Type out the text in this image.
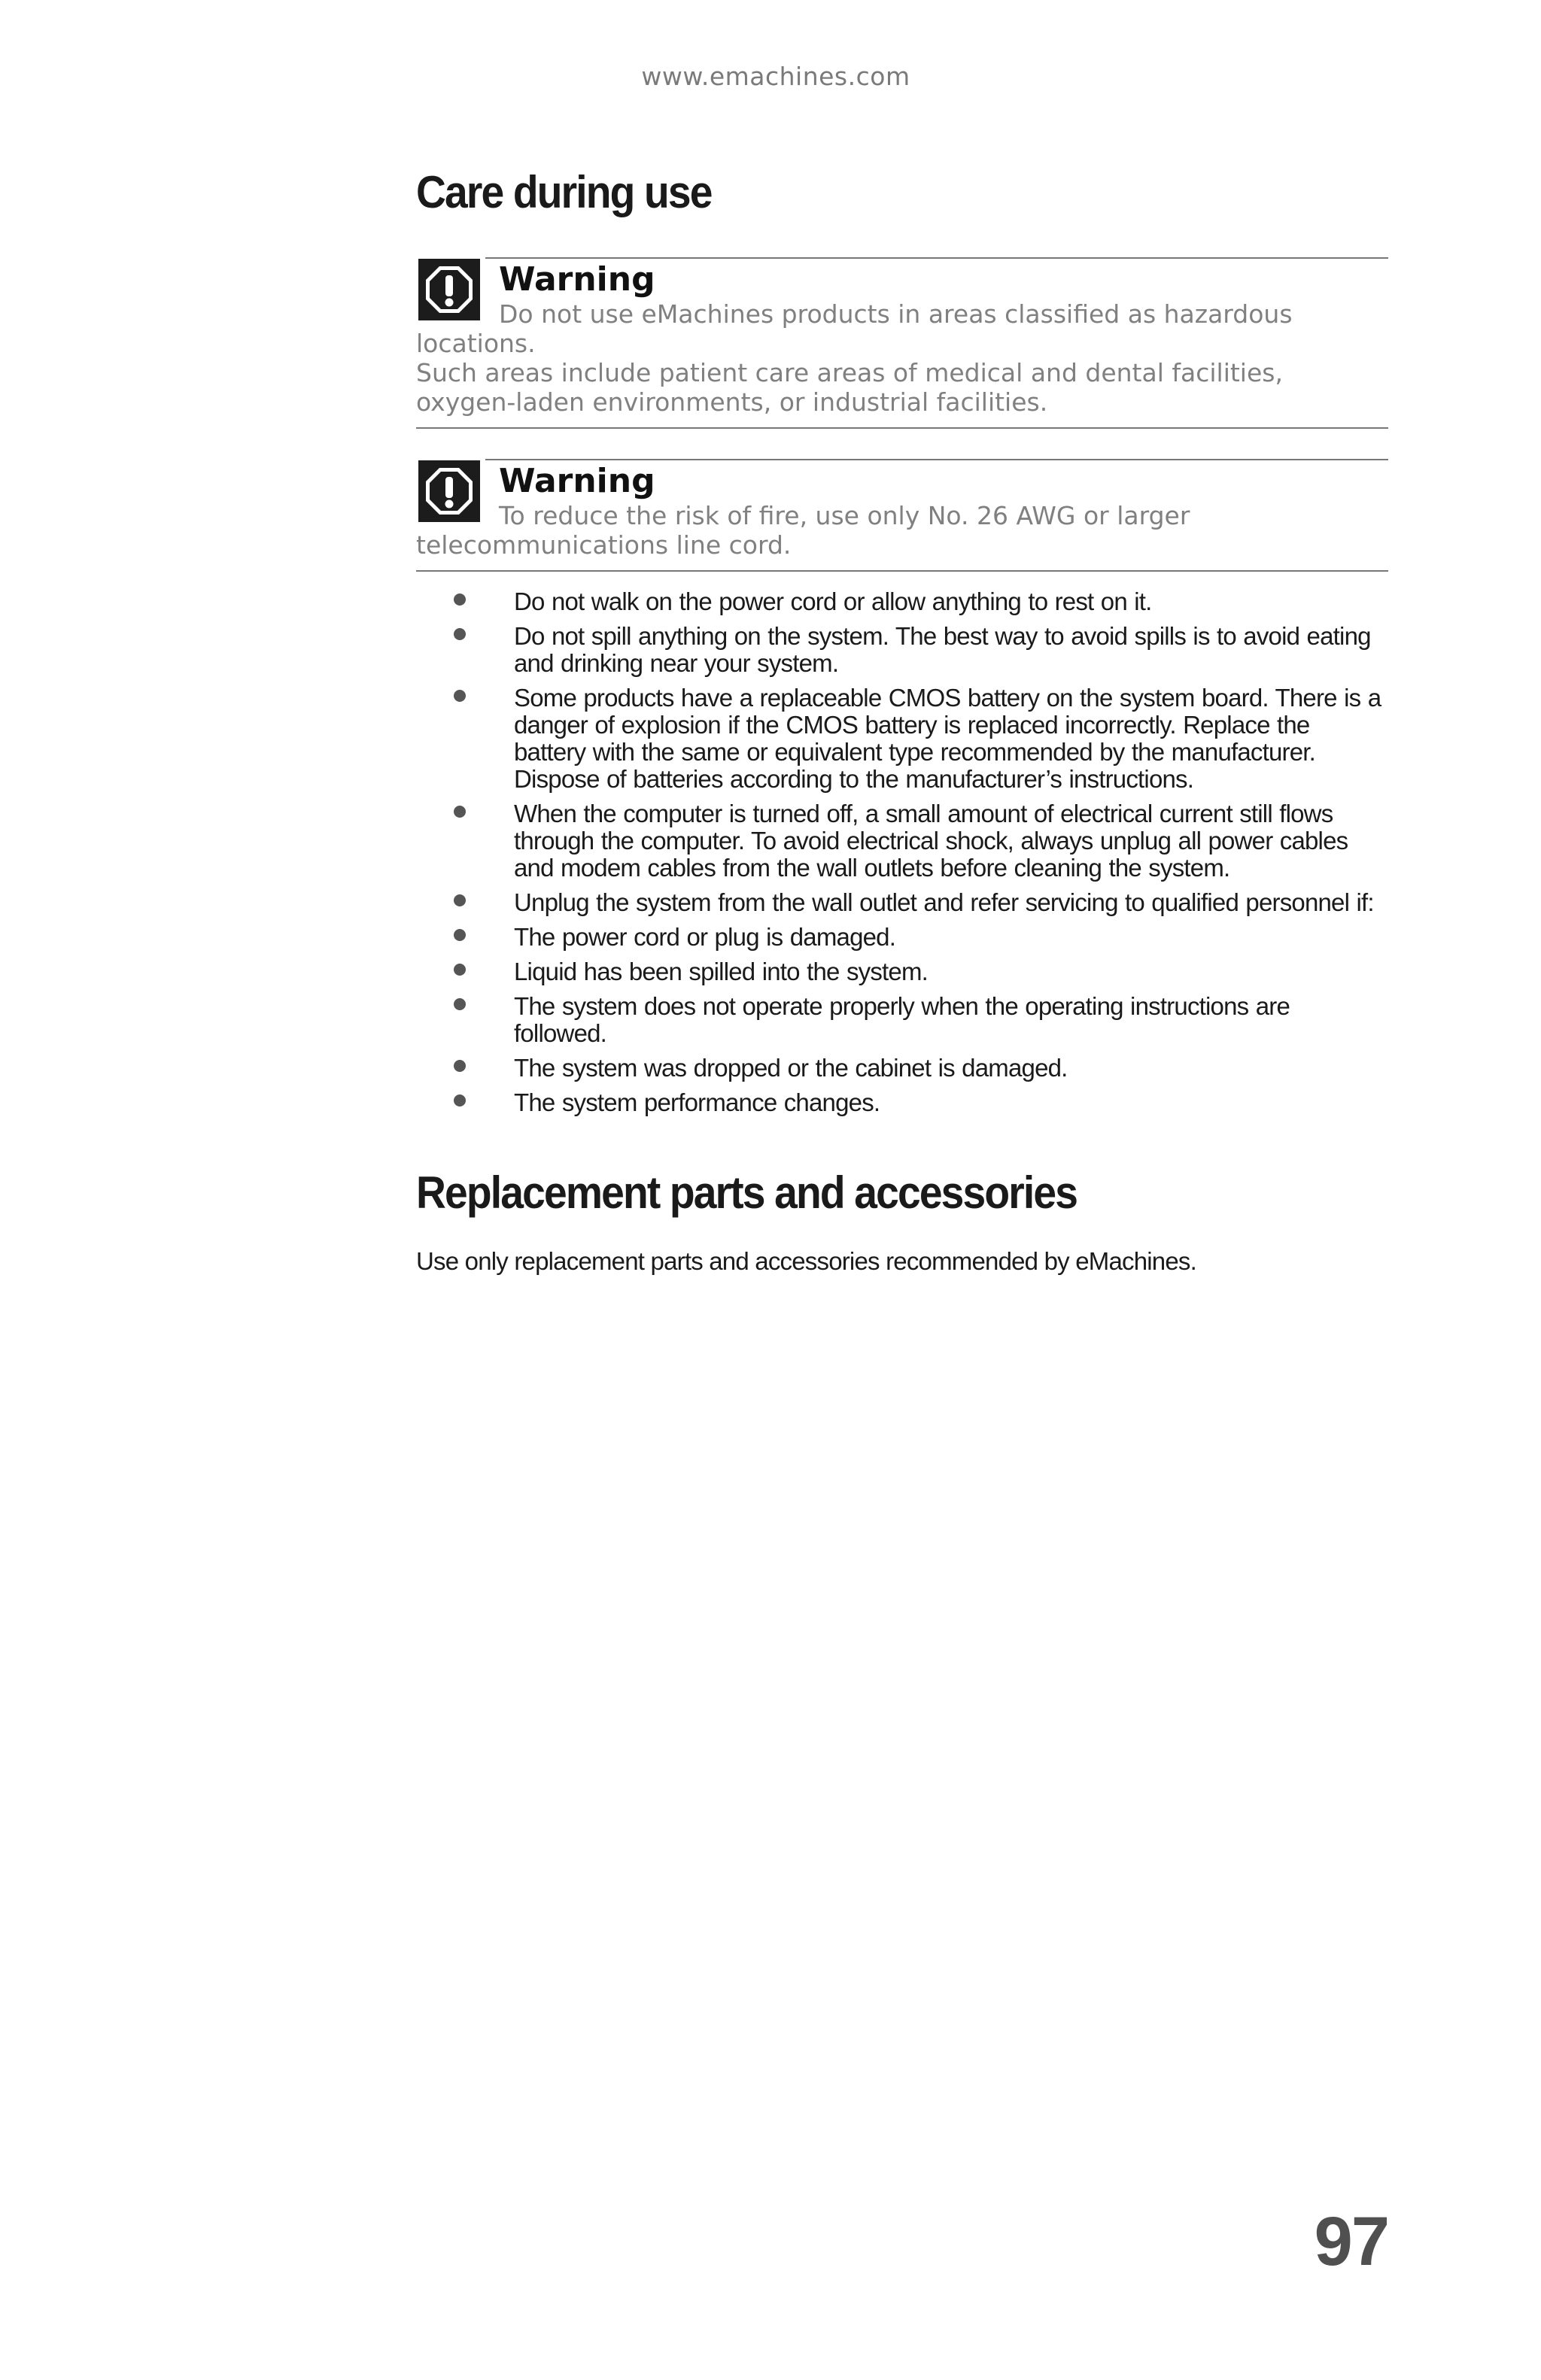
www.emachines.com
Care during use
Warning
Do not use eMachines products in areas classified as hazardous locations.
Such areas include patient care areas of medical and dental facilities,
oxygen-laden environments, or industrial facilities.
Warning
To reduce the risk of fire, use only No. 26 AWG or larger
telecommunications line cord.
Do not walk on the power cord or allow anything to rest on it.
Do not spill anything on the system. The best way to avoid spills is to avoid eating and drinking near your system.
Some products have a replaceable CMOS battery on the system board. There is a danger of explosion if the CMOS battery is replaced incorrectly. Replace the battery with the same or equivalent type recommended by the manufacturer. Dispose of batteries according to the manufacturer’s instructions.
When the computer is turned off, a small amount of electrical current still flows through the computer. To avoid electrical shock, always unplug all power cables and modem cables from the wall outlets before cleaning the system.
Unplug the system from the wall outlet and refer servicing to qualified personnel if:
The power cord or plug is damaged.
Liquid has been spilled into the system.
The system does not operate properly when the operating instructions are followed.
The system was dropped or the cabinet is damaged.
The system performance changes.
Replacement parts and accessories

Use only replacement parts and accessories recommended by eMachines.

97
